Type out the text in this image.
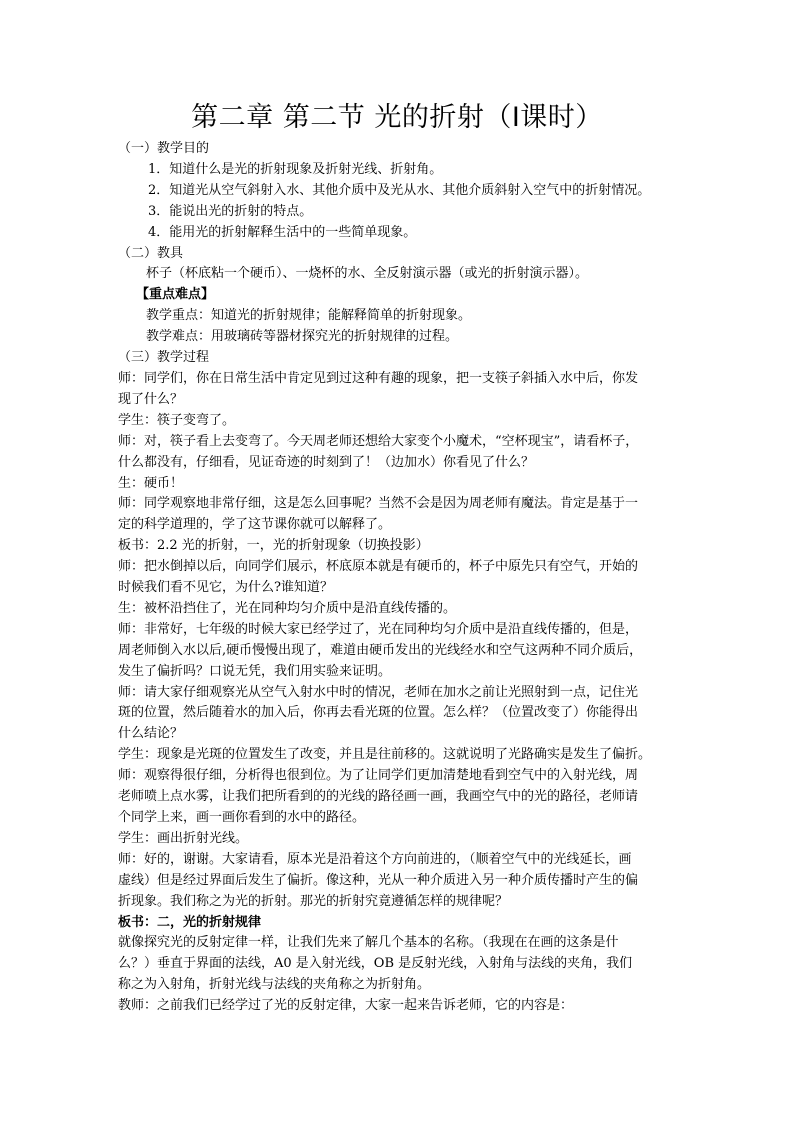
第二章 第二节 光的折射（Ⅰ课时）

（一）教学目的

1．知道什么是光的折射现象及折射光线、折射角。

2．知道光从空气斜射入水、其他介质中及光从水、其他介质斜射入空气中的折射情况。

3．能说出光的折射的特点。

4．能用光的折射解释生活中的一些简单现象。

（二）教具

杯子（杯底粘一个硬币）、一烧杯的水、全反射演示器（或光的折射演示器）。

【重点难点】

教学重点：知道光的折射规律；能解释简单的折射现象。

教学难点：用玻璃砖等器材探究光的折射规律的过程。

（三）教学过程

师：同学们，你在日常生活中肯定见到过这种有趣的现象，把一支筷子斜插入水中后，你发

现了什么？

学生：筷子变弯了。

师：对，筷子看上去变弯了。今天周老师还想给大家变个小魔术，“空杯现宝”，请看杯子，

什么都没有，仔细看，见证奇迹的时刻到了！（边加水）你看见了什么？

生：硬币！

师：同学观察地非常仔细，这是怎么回事呢？当然不会是因为周老师有魔法。肯定是基于一

定的科学道理的，学了这节课你就可以解释了。

板书：2.2 光的折射，一，光的折射现象（切换投影）

师：把水倒掉以后，向同学们展示，杯底原本就是有硬币的，杯子中原先只有空气，开始的

时候我们看不见它，为什么?谁知道？

生：被杯沿挡住了，光在同种均匀介质中是沿直线传播的。

师：非常好，七年级的时候大家已经学过了，光在同种均匀介质中是沿直线传播的，但是，

周老师倒入水以后,硬币慢慢出现了，难道由硬币发出的光线经水和空气这两种不同介质后，

发生了偏折吗？口说无凭，我们用实验来证明。

师：请大家仔细观察光从空气入射水中时的情况，老师在加水之前让光照射到一点，记住光

斑的位置，然后随着水的加入后，你再去看光斑的位置。怎么样？（位置改变了）你能得出

什么结论？

学生：现象是光斑的位置发生了改变，并且是往前移的。这就说明了光路确实是发生了偏折。

师：观察得很仔细，分析得也很到位。为了让同学们更加清楚地看到空气中的入射光线，周

老师喷上点水雾，让我们把所看到的的光线的路径画一画，我画空气中的光的路径，老师请

个同学上来，画一画你看到的水中的路径。

学生：画出折射光线。

师：好的，谢谢。大家请看，原本光是沿着这个方向前进的，（顺着空气中的光线延长，画

虚线）但是经过界面后发生了偏折。像这种，光从一种介质进入另一种介质传播时产生的偏

折现象。我们称之为光的折射。那光的折射究竟遵循怎样的规律呢？

板书：二，光的折射规律

就像探究光的反射定律一样，让我们先来了解几个基本的名称。（我现在在画的这条是什

么？）垂直于界面的法线，A0 是入射光线，OB 是反射光线，入射角与法线的夹角，我们

称之为入射角，折射光线与法线的夹角称之为折射角。

教师：之前我们已经学过了光的反射定律，大家一起来告诉老师，它的内容是：
